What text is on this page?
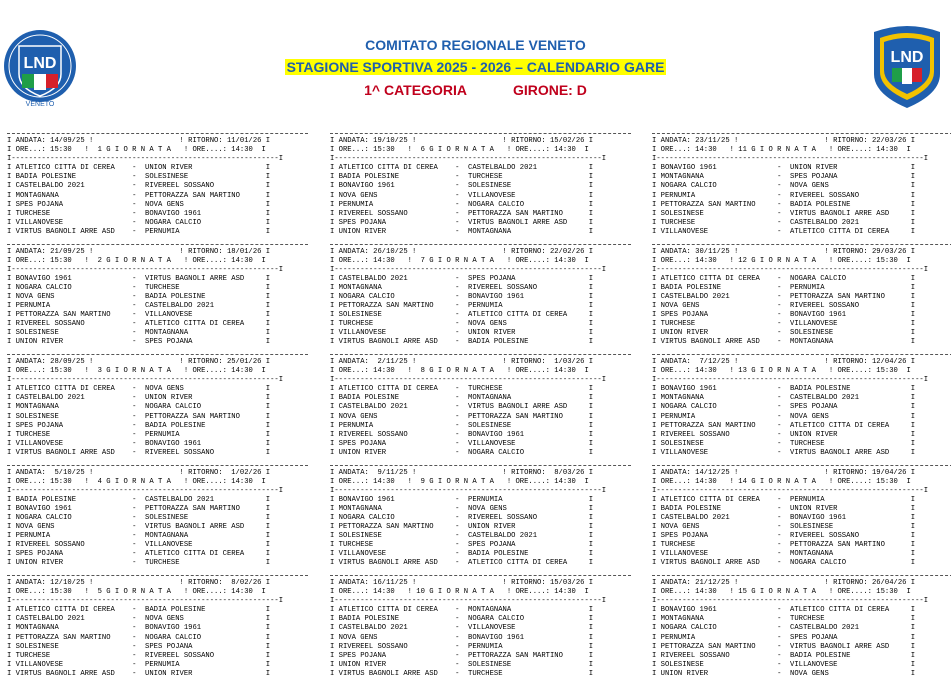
LND
VENETO
LND
COMITATO REGIONALE VENETO
STAGIONE SPORTIVA 2025 - 2026 – CALENDARIO GARE
1^ CATEGORIA	GIRONE: D
I ANDATA: 14/09/25 !                    ! RITORNO: 11/01/26 I
I ORE...: 15:30   !  1 G I O R N A T A   ! ORE....: 14:30  I
I--------------------------------------------------------------I
I ATLETICO CITTA DI CEREA    -  UNION RIVER                 I
I BADIA POLESINE             -  SOLESINESE                  I
I CASTELBALDO 2021           -  RIVEREEL SOSSANO            I
I MONTAGNANA                 -  PETTORAZZA SAN MARTINO      I
I SPES POJANA                -  NOVA GENS                   I
I TURCHESE                   -  BONAVIGO 1961               I
I VILLANOVESE                -  NOGARA CALCIO               I
I VIRTUS BAGNOLI ARRE ASD    -  PERNUMIA                    I
I ANDATA: 21/09/25 !                    ! RITORNO: 18/01/26 I
I ORE...: 15:30   !  2 G I O R N A T A   ! ORE....: 14:30  I
I--------------------------------------------------------------I
I BONAVIGO 1961              -  VIRTUS BAGNOLI ARRE ASD     I
I NOGARA CALCIO              -  TURCHESE                    I
I NOVA GENS                  -  BADIA POLESINE              I
I PERNUMIA                   -  CASTELBALDO 2021            I
I PETTORAZZA SAN MARTINO     -  VILLANOVESE                 I
I RIVEREEL SOSSANO           -  ATLETICO CITTA DI CEREA     I
I SOLESINESE                 -  MONTAGNANA                  I
I UNION RIVER                -  SPES POJANA                 I
I ANDATA: 28/09/25 !                    ! RITORNO: 25/01/26 I
I ORE...: 15:30   !  3 G I O R N A T A   ! ORE....: 14:30  I
I--------------------------------------------------------------I
I ATLETICO CITTA DI CEREA    -  NOVA GENS                   I
I CASTELBALDO 2021           -  UNION RIVER                 I
I MONTAGNANA                 -  NOGARA CALCIO               I
I SOLESINESE                 -  PETTORAZZA SAN MARTINO      I
I SPES POJANA                -  BADIA POLESINE              I
I TURCHESE                   -  PERNUMIA                    I
I VILLANOVESE                -  BONAVIGO 1961               I
I VIRTUS BAGNOLI ARRE ASD    -  RIVEREEL SOSSANO            I
I ANDATA:  5/10/25 !                    ! RITORNO:  1/02/26 I
I ORE...: 15:30   !  4 G I O R N A T A   ! ORE....: 14:30  I
I--------------------------------------------------------------I
I BADIA POLESINE             -  CASTELBALDO 2021            I
I BONAVIGO 1961              -  PETTORAZZA SAN MARTINO      I
I NOGARA CALCIO              -  SOLESINESE                  I
I NOVA GENS                  -  VIRTUS BAGNOLI ARRE ASD     I
I PERNUMIA                   -  MONTAGNANA                  I
I RIVEREEL SOSSANO           -  VILLANOVESE                 I
I SPES POJANA                -  ATLETICO CITTA DI CEREA     I
I UNION RIVER                -  TURCHESE                    I
I ANDATA: 12/10/25 !                    ! RITORNO:  8/02/26 I
I ORE...: 15:30   !  5 G I O R N A T A   ! ORE....: 14:30  I
I--------------------------------------------------------------I
I ATLETICO CITTA DI CEREA    -  BADIA POLESINE              I
I CASTELBALDO 2021           -  NOVA GENS                   I
I MONTAGNANA                 -  BONAVIGO 1961               I
I PETTORAZZA SAN MARTINO     -  NOGARA CALCIO               I
I SOLESINESE                 -  SPES POJANA                 I
I TURCHESE                   -  RIVEREEL SOSSANO            I
I VILLANOVESE                -  PERNUMIA                    I
I VIRTUS BAGNOLI ARRE ASD    -  UNION RIVER                 I
I ANDATA: 19/10/25 !                    ! RITORNO: 15/02/26 I
I ORE...: 15:30   !  6 G I O R N A T A   ! ORE....: 14:30  I
I--------------------------------------------------------------I
I ATLETICO CITTA DI CEREA    -  CASTELBALDO 2021            I
I BADIA POLESINE             -  TURCHESE                    I
I BONAVIGO 1961              -  SOLESINESE                  I
I NOVA GENS                  -  VILLANOVESE                 I
I PERNUMIA                   -  NOGARA CALCIO               I
I RIVEREEL SOSSANO           -  PETTORAZZA SAN MARTINO      I
I SPES POJANA                -  VIRTUS BAGNOLI ARRE ASD     I
I UNION RIVER                -  MONTAGNANA                  I
I ANDATA: 26/10/25 !                    ! RITORNO: 22/02/26 I
I ORE...: 14:30   !  7 G I O R N A T A   ! ORE....: 14:30  I
I--------------------------------------------------------------I
I CASTELBALDO 2021           -  SPES POJANA                 I
I MONTAGNANA                 -  RIVEREEL SOSSANO            I
I NOGARA CALCIO              -  BONAVIGO 1961               I
I PETTORAZZA SAN MARTINO     -  PERNUMIA                    I
I SOLESINESE                 -  ATLETICO CITTA DI CEREA     I
I TURCHESE                   -  NOVA GENS                   I
I VILLANOVESE                -  UNION RIVER                 I
I VIRTUS BAGNOLI ARRE ASD    -  BADIA POLESINE              I
I ANDATA:  2/11/25 !                    ! RITORNO:  1/03/26 I
I ORE...: 14:30   !  8 G I O R N A T A   ! ORE....: 14:30  I
I--------------------------------------------------------------I
I ATLETICO CITTA DI CEREA    -  TURCHESE                    I
I BADIA POLESINE             -  MONTAGNANA                  I
I CASTELBALDO 2021           -  VIRTUS BAGNOLI ARRE ASD     I
I NOVA GENS                  -  PETTORAZZA SAN MARTINO      I
I PERNUMIA                   -  SOLESINESE                  I
I RIVEREEL SOSSANO           -  BONAVIGO 1961               I
I SPES POJANA                -  VILLANOVESE                 I
I UNION RIVER                -  NOGARA CALCIO               I
I ANDATA:  9/11/25 !                    ! RITORNO:  8/03/26 I
I ORE...: 14:30   !  9 G I O R N A T A   ! ORE....: 14:30  I
I--------------------------------------------------------------I
I BONAVIGO 1961              -  PERNUMIA                    I
I MONTAGNANA                 -  NOVA GENS                   I
I NOGARA CALCIO              -  RIVEREEL SOSSANO            I
I PETTORAZZA SAN MARTINO     -  UNION RIVER                 I
I SOLESINESE                 -  CASTELBALDO 2021            I
I TURCHESE                   -  SPES POJANA                 I
I VILLANOVESE                -  BADIA POLESINE              I
I VIRTUS BAGNOLI ARRE ASD    -  ATLETICO CITTA DI CEREA     I
I ANDATA: 16/11/25 !                    ! RITORNO: 15/03/26 I
I ORE...: 14:30   ! 10 G I O R N A T A   ! ORE....: 14:30  I
I--------------------------------------------------------------I
I ATLETICO CITTA DI CEREA    -  MONTAGNANA                  I
I BADIA POLESINE             -  NOGARA CALCIO               I
I CASTELBALDO 2021           -  VILLANOVESE                 I
I NOVA GENS                  -  BONAVIGO 1961               I
I RIVEREEL SOSSANO           -  PERNUMIA                    I
I SPES POJANA                -  PETTORAZZA SAN MARTINO      I
I UNION RIVER                -  SOLESINESE                  I
I VIRTUS BAGNOLI ARRE ASD    -  TURCHESE                    I
I ANDATA: 23/11/25 !                    ! RITORNO: 22/03/26 I
I ORE...: 14:30   ! 11 G I O R N A T A   ! ORE....: 14:30  I
I--------------------------------------------------------------I
I BONAVIGO 1961              -  UNION RIVER                 I
I MONTAGNANA                 -  SPES POJANA                 I
I NOGARA CALCIO              -  NOVA GENS                   I
I PERNUMIA                   -  RIVEREEL SOSSANO            I
I PETTORAZZA SAN MARTINO     -  BADIA POLESINE              I
I SOLESINESE                 -  VIRTUS BAGNOLI ARRE ASD     I
I TURCHESE                   -  CASTELBALDO 2021            I
I VILLANOVESE                -  ATLETICO CITTA DI CEREA     I
I ANDATA: 30/11/25 !                    ! RITORNO: 29/03/26 I
I ORE...: 14:30   ! 12 G I O R N A T A   ! ORE....: 15:30  I
I--------------------------------------------------------------I
I ATLETICO CITTA DI CEREA    -  NOGARA CALCIO               I
I BADIA POLESINE             -  PERNUMIA                    I
I CASTELBALDO 2021           -  PETTORAZZA SAN MARTINO      I
I NOVA GENS                  -  RIVEREEL SOSSANO            I
I SPES POJANA                -  BONAVIGO 1961               I
I TURCHESE                   -  VILLANOVESE                 I
I UNION RIVER                -  SOLESINESE                  I
I VIRTUS BAGNOLI ARRE ASD    -  MONTAGNANA                  I
I ANDATA:  7/12/25 !                    ! RITORNO: 12/04/26 I
I ORE...: 14:30   ! 13 G I O R N A T A   ! ORE....: 15:30  I
I--------------------------------------------------------------I
I BONAVIGO 1961              -  BADIA POLESINE              I
I MONTAGNANA                 -  CASTELBALDO 2021            I
I NOGARA CALCIO              -  SPES POJANA                 I
I PERNUMIA                   -  NOVA GENS                   I
I PETTORAZZA SAN MARTINO     -  ATLETICO CITTA DI CEREA     I
I RIVEREEL SOSSANO           -  UNION RIVER                 I
I SOLESINESE                 -  TURCHESE                    I
I VILLANOVESE                -  VIRTUS BAGNOLI ARRE ASD     I
I ANDATA: 14/12/25 !                    ! RITORNO: 19/04/26 I
I ORE...: 14:30   ! 14 G I O R N A T A   ! ORE....: 15:30  I
I--------------------------------------------------------------I
I ATLETICO CITTA DI CEREA    -  PERNUMIA                    I
I BADIA POLESINE             -  UNION RIVER                 I
I CASTELBALDO 2021           -  BONAVIGO 1961               I
I NOVA GENS                  -  SOLESINESE                  I
I SPES POJANA                -  RIVEREEL SOSSANO            I
I TURCHESE                   -  PETTORAZZA SAN MARTINO      I
I VILLANOVESE                -  MONTAGNANA                  I
I VIRTUS BAGNOLI ARRE ASD    -  NOGARA CALCIO               I
I ANDATA: 21/12/25 !                    ! RITORNO: 26/04/26 I
I ORE...: 14:30   ! 15 G I O R N A T A   ! ORE....: 15:30  I
I--------------------------------------------------------------I
I BONAVIGO 1961              -  ATLETICO CITTA DI CEREA     I
I MONTAGNANA                 -  TURCHESE                    I
I NOGARA CALCIO              -  CASTELBALDO 2021            I
I PERNUMIA                   -  SPES POJANA                 I
I PETTORAZZA SAN MARTINO     -  VIRTUS BAGNOLI ARRE ASD     I
I RIVEREEL SOSSANO           -  BADIA POLESINE              I
I SOLESINESE                 -  VILLANOVESE                 I
I UNION RIVER                -  NOVA GENS                   I
